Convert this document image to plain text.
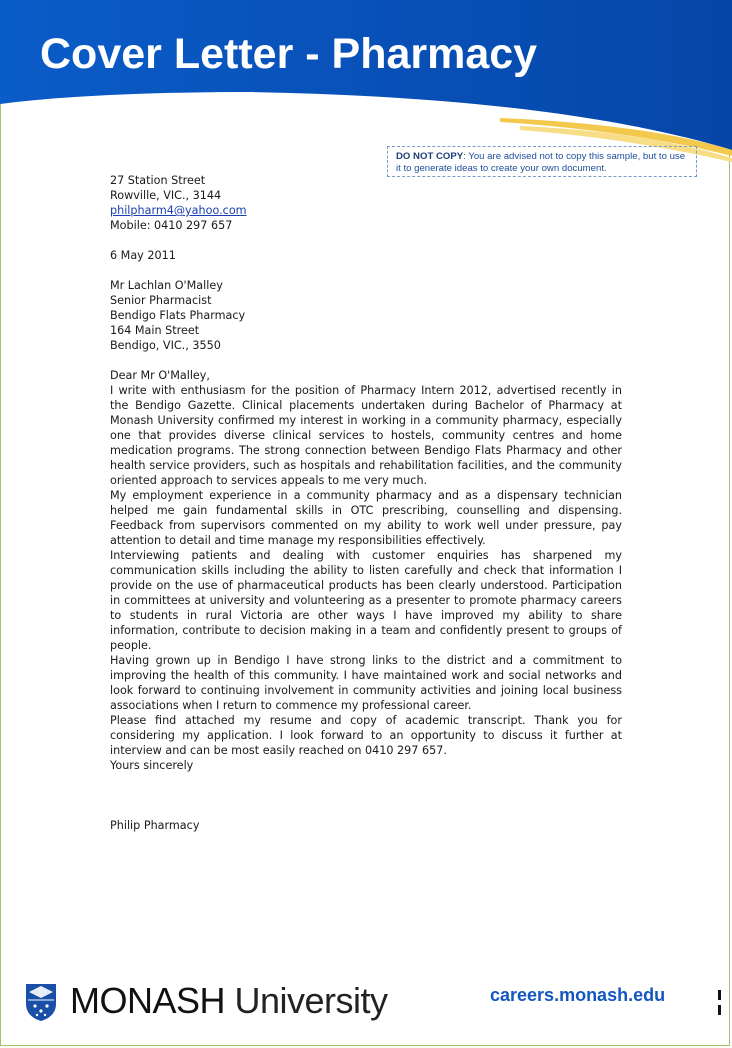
Cover Letter - Pharmacy
DO NOT COPY: You are advised not to copy this sample, but to use it to generate ideas to create your own document.

27 Station Street

Rowville, VIC., 3144

philpharm4@yahoo.com

Mobile: 0410 297 657

6 May 2011

Mr Lachlan O'Malley

Senior Pharmacist

Bendigo Flats Pharmacy

164 Main Street

Bendigo, VIC., 3550

Dear Mr O'Malley,

I write with enthusiasm for the position of Pharmacy Intern 2012, advertised recently in the Bendigo Gazette. Clinical placements undertaken during Bachelor of Pharmacy at Monash University confirmed my interest in working in a community pharmacy, especially one that provides diverse clinical services to hostels, community centres and home medication programs. The strong connection between Bendigo Flats Pharmacy and other health service providers, such as hospitals and rehabilitation facilities, and the community oriented approach to services appeals to me very much.

My employment experience in a community pharmacy and as a dispensary technician helped me gain fundamental skills in OTC prescribing, counselling and dispensing. Feedback from supervisors commented on my ability to work well under pressure, pay attention to detail and time manage my responsibilities effectively.

Interviewing patients and dealing with customer enquiries has sharpened my communication skills including the ability to listen carefully and check that information I provide on the use of pharmaceutical products has been clearly understood. Participation in committees at university and volunteering as a presenter to promote pharmacy careers to students in rural Victoria are other ways I have improved my ability to share information, contribute to decision making in a team and confidently present to groups of people.

Having grown up in Bendigo I have strong links to the district and a commitment to improving the health of this community. I have maintained work and social networks and look forward to continuing involvement in community activities and joining local business associations when I return to commence my professional career.

Please find attached my resume and copy of academic transcript. Thank you for considering my application. I look forward to an opportunity to discuss it further at interview and can be most easily reached on 0410 297 657.

Yours sincerely

Philip Pharmacy

MONASH University	careers.monash.edu
